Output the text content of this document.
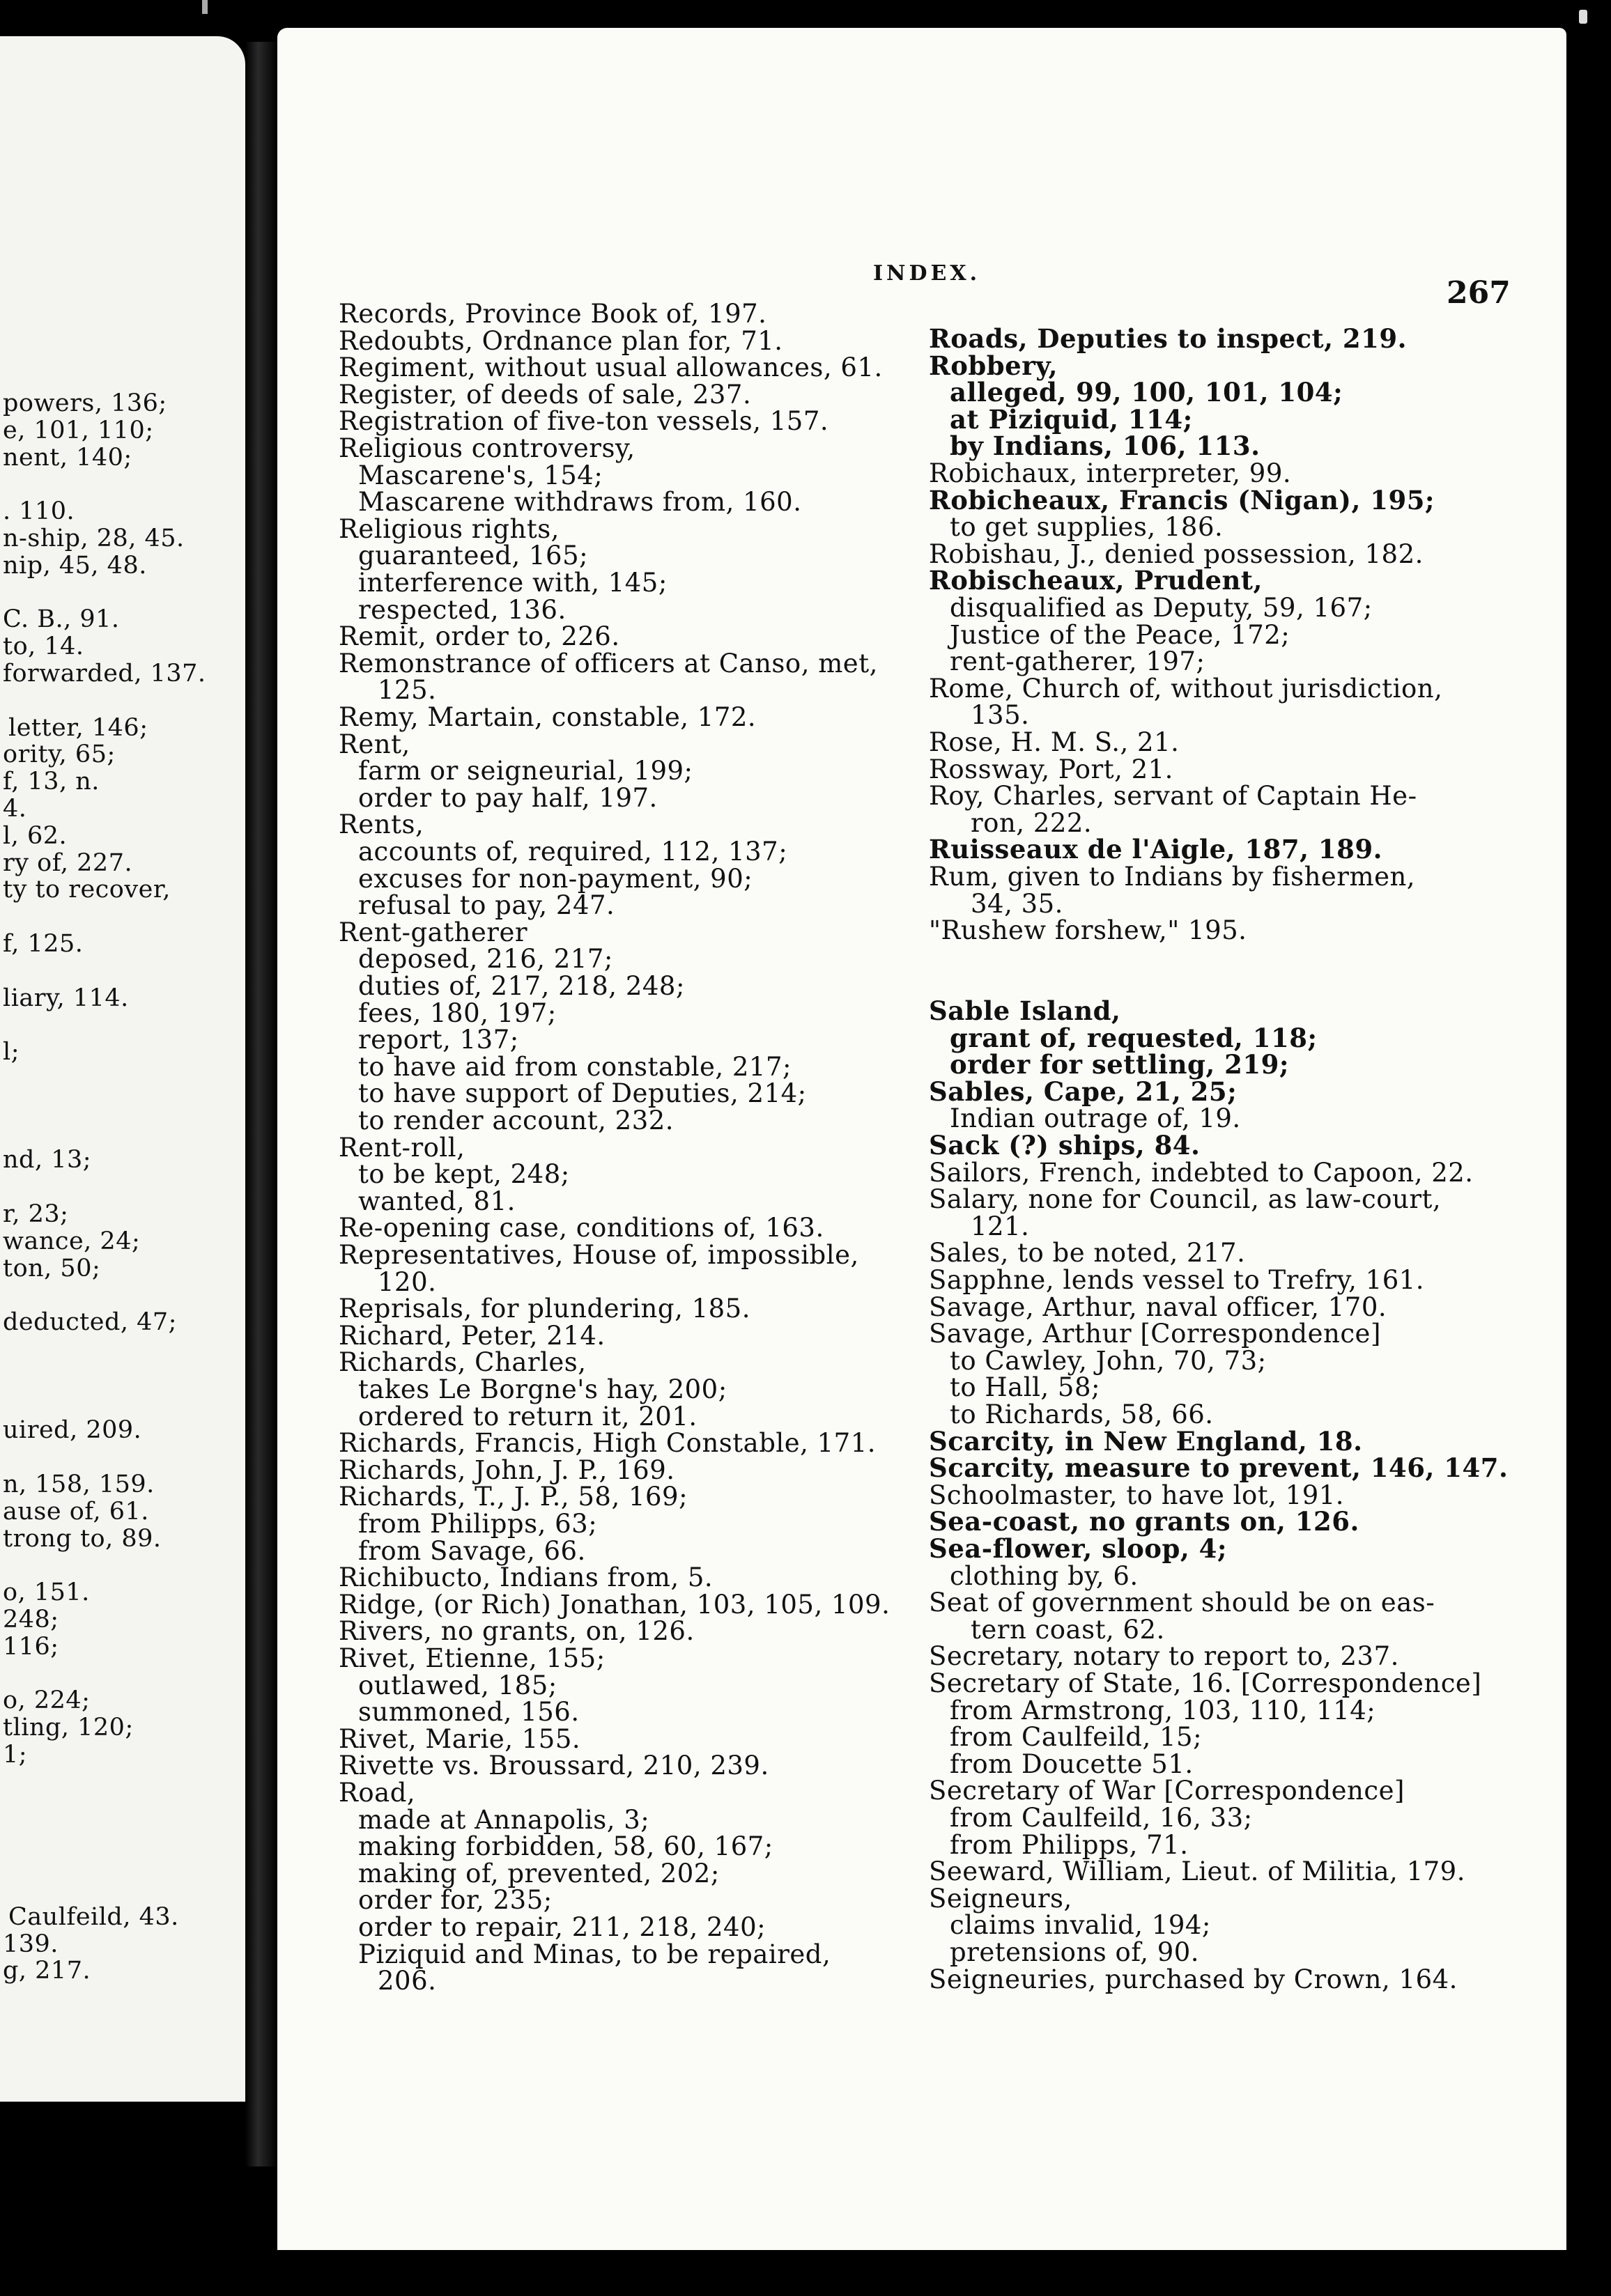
powers, 136;
e, 101, 110;
nent, 140;
. 110.
n-ship, 28, 45.
nip, 45, 48.
C. B., 91.
to, 14.
forwarded, 137.
letter, 146;
ority, 65;
f, 13, n.
4.
l, 62.
ry of, 227.
ty to recover,
f, 125.
liary, 114.
l;
nd, 13;
r, 23;
wance, 24;
ton, 50;
deducted, 47;
uired, 209.
n, 158, 159.
ause of, 61.
trong to, 89.
o, 151.
248;
116;
o, 224;
tling, 120;
1;
Caulfeild, 43.
139.
g, 217.
INDEX.
267
Records, Province Book of, 197.
Redoubts, Ordnance plan for, 71.
Regiment, without usual allowances, 61.
Register, of deeds of sale, 237.
Registration of five-ton vessels, 157.
Religious controversy,
Mascarene's, 154;
Mascarene withdraws from, 160.
Religious rights,
guaranteed, 165;
interference with, 145;
respected, 136.
Remit, order to, 226.
Remonstrance of officers at Canso, met,
125.
Remy, Martain, constable, 172.
Rent,
farm or seigneurial, 199;
order to pay half, 197.
Rents,
accounts of, required, 112, 137;
excuses for non-payment, 90;
refusal to pay, 247.
Rent-gatherer
deposed, 216, 217;
duties of, 217, 218, 248;
fees, 180, 197;
report, 137;
to have aid from constable, 217;
to have support of Deputies, 214;
to render account, 232.
Rent-roll,
to be kept, 248;
wanted, 81.
Re-opening case, conditions of, 163.
Representatives, House of, impossible,
120.
Reprisals, for plundering, 185.
Richard, Peter, 214.
Richards, Charles,
takes Le Borgne's hay, 200;
ordered to return it, 201.
Richards, Francis, High Constable, 171.
Richards, John, J. P., 169.
Richards, T., J. P., 58, 169;
from Philipps, 63;
from Savage, 66.
Richibucto, Indians from, 5.
Ridge, (or Rich) Jonathan, 103, 105, 109.
Rivers, no grants, on, 126.
Rivet, Etienne, 155;
outlawed, 185;
summoned, 156.
Rivet, Marie, 155.
Rivette vs. Broussard, 210, 239.
Road,
made at Annapolis, 3;
making forbidden, 58, 60, 167;
making of, prevented, 202;
order for, 235;
order to repair, 211, 218, 240;
Piziquid and Minas, to be repaired,
206.
Roads, Deputies to inspect, 219.
Robbery,
alleged, 99, 100, 101, 104;
at Piziquid, 114;
by Indians, 106, 113.
Robichaux, interpreter, 99.
Robicheaux, Francis (Nigan), 195;
to get supplies, 186.
Robishau, J., denied possession, 182.
Robischeaux, Prudent,
disqualified as Deputy, 59, 167;
Justice of the Peace, 172;
rent-gatherer, 197;
Rome, Church of, without jurisdiction,
135.
Rose, H. M. S., 21.
Rossway, Port, 21.
Roy, Charles, servant of Captain He-
ron, 222.
Ruisseaux de l'Aigle, 187, 189.
Rum, given to Indians by fishermen,
34, 35.
"Rushew forshew," 195.
Sable Island,
grant of, requested, 118;
order for settling, 219;
Sables, Cape, 21, 25;
Indian outrage of, 19.
Sack (?) ships, 84.
Sailors, French, indebted to Capoon, 22.
Salary, none for Council, as law-court,
121.
Sales, to be noted, 217.
Sapphne, lends vessel to Trefry, 161.
Savage, Arthur, naval officer, 170.
Savage, Arthur [Correspondence]
to Cawley, John, 70, 73;
to Hall, 58;
to Richards, 58, 66.
Scarcity, in New England, 18.
Scarcity, measure to prevent, 146, 147.
Schoolmaster, to have lot, 191.
Sea-coast, no grants on, 126.
Sea-flower, sloop, 4;
clothing by, 6.
Seat of government should be on eas-
tern coast, 62.
Secretary, notary to report to, 237.
Secretary of State, 16. [Correspondence]
from Armstrong, 103, 110, 114;
from Caulfeild, 15;
from Doucette 51.
Secretary of War [Correspondence]
from Caulfeild, 16, 33;
from Philipps, 71.
Seeward, William, Lieut. of Militia, 179.
Seigneurs,
claims invalid, 194;
pretensions of, 90.
Seigneuries, purchased by Crown, 164.
